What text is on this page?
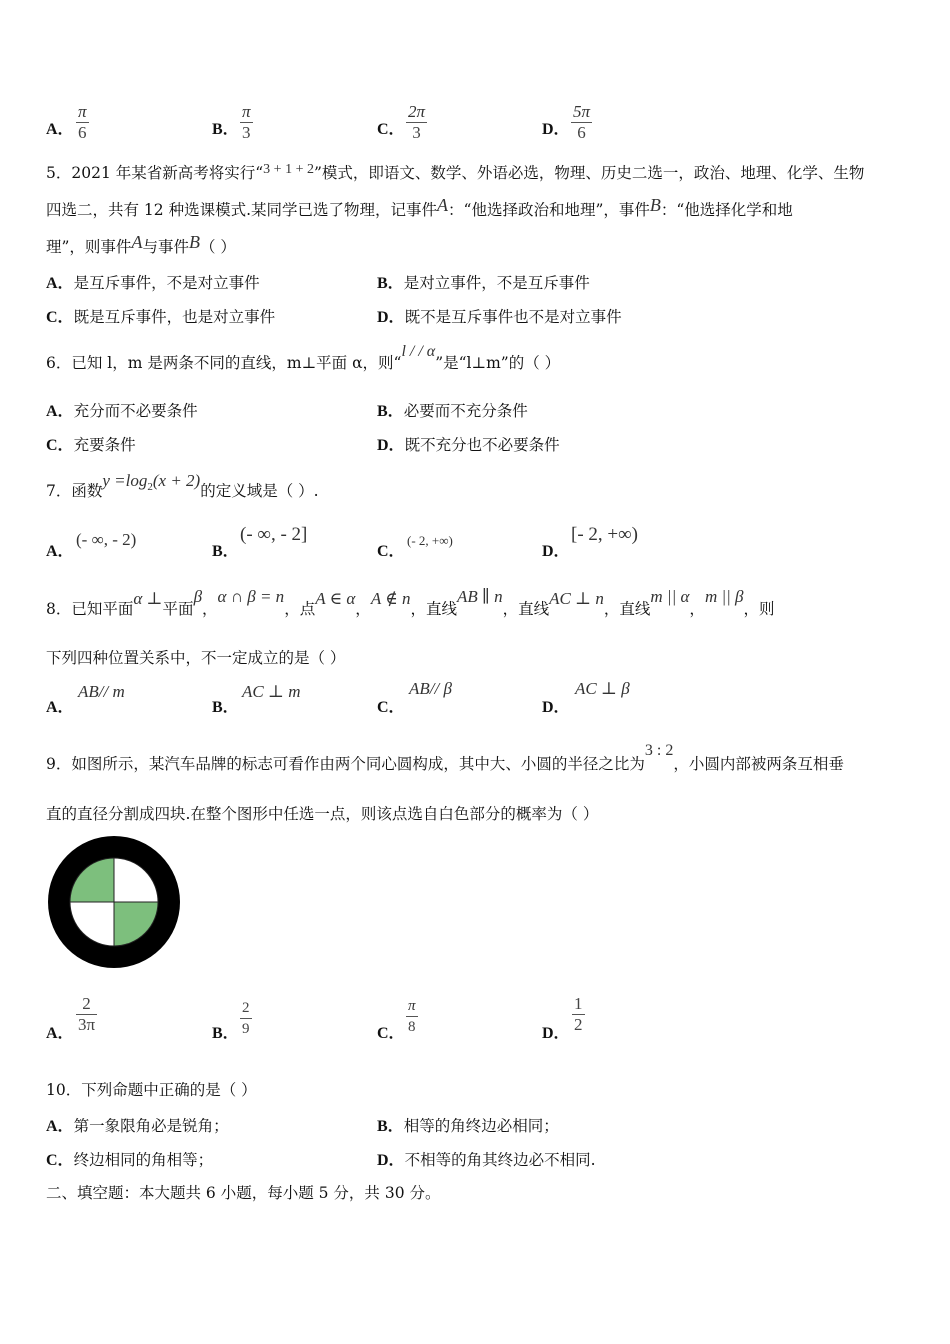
A．
π
6	B．
π
3	C．
2π
3	D．
5π
6
5．2021 年某省新高考将实行“3 + 1 + 2”模式，即语文、数学、外语必选，物理、历史二选一，政治、地理、化学、生物
四选二，共有 12 种选课模式.某同学已选了物理，记事件A：“他选择政治和地理”，事件B：“他选择化学和地
理”，则事件A与事件B（ ）
A．是互斥事件，不是对立事件	B．是对立事件，不是互斥事件
C．既是互斥事件，也是对立事件	D．既不是互斥事件也不是对立事件
6．已知 l，m 是两条不同的直线，m⊥平面 α，则“l / / α”是“l⊥m”的（ ）
A．充分而不必要条件	B．必要而不充分条件
C．充要条件	D．既不充分也不必要条件
7．函数$y =\log_2(x + 2)$的定义域是（ ）.
A．
(- ∞, - 2)
B．
(- ∞, - 2]
C．
(- 2, +∞)
D．
[- 2, +∞)
8．已知平面α ⊥平面β，α ∩ β = n，点A ∈ α，A ∉ n，直线AB ∥ n，直线AC ⊥ n，直线m || α，m || β，则
下列四种位置关系中，不一定成立的是（ ）
A．
AB// m
B．
AC ⊥ m
C．
AB// β
D．
AC ⊥ β
9．如图所示，某汽车品牌的标志可看作由两个同心圆构成，其中大、小圆的半径之比为3 : 2，小圆内部被两条互相垂
直的直径分割成四块.在整个图形中任选一点，则该点选自白色部分的概率为（ ）
A．
2
3π	B．
2
9	C．
π
8	D．
1
2
10．下列命题中正确的是（ ）
A．第一象限角必是锐角；	B．相等的角终边必相同；
C．终边相同的角相等；	D．不相等的角其终边必不相同.
二、填空题：本大题共 6 小题，每小题 5 分，共 30 分。
